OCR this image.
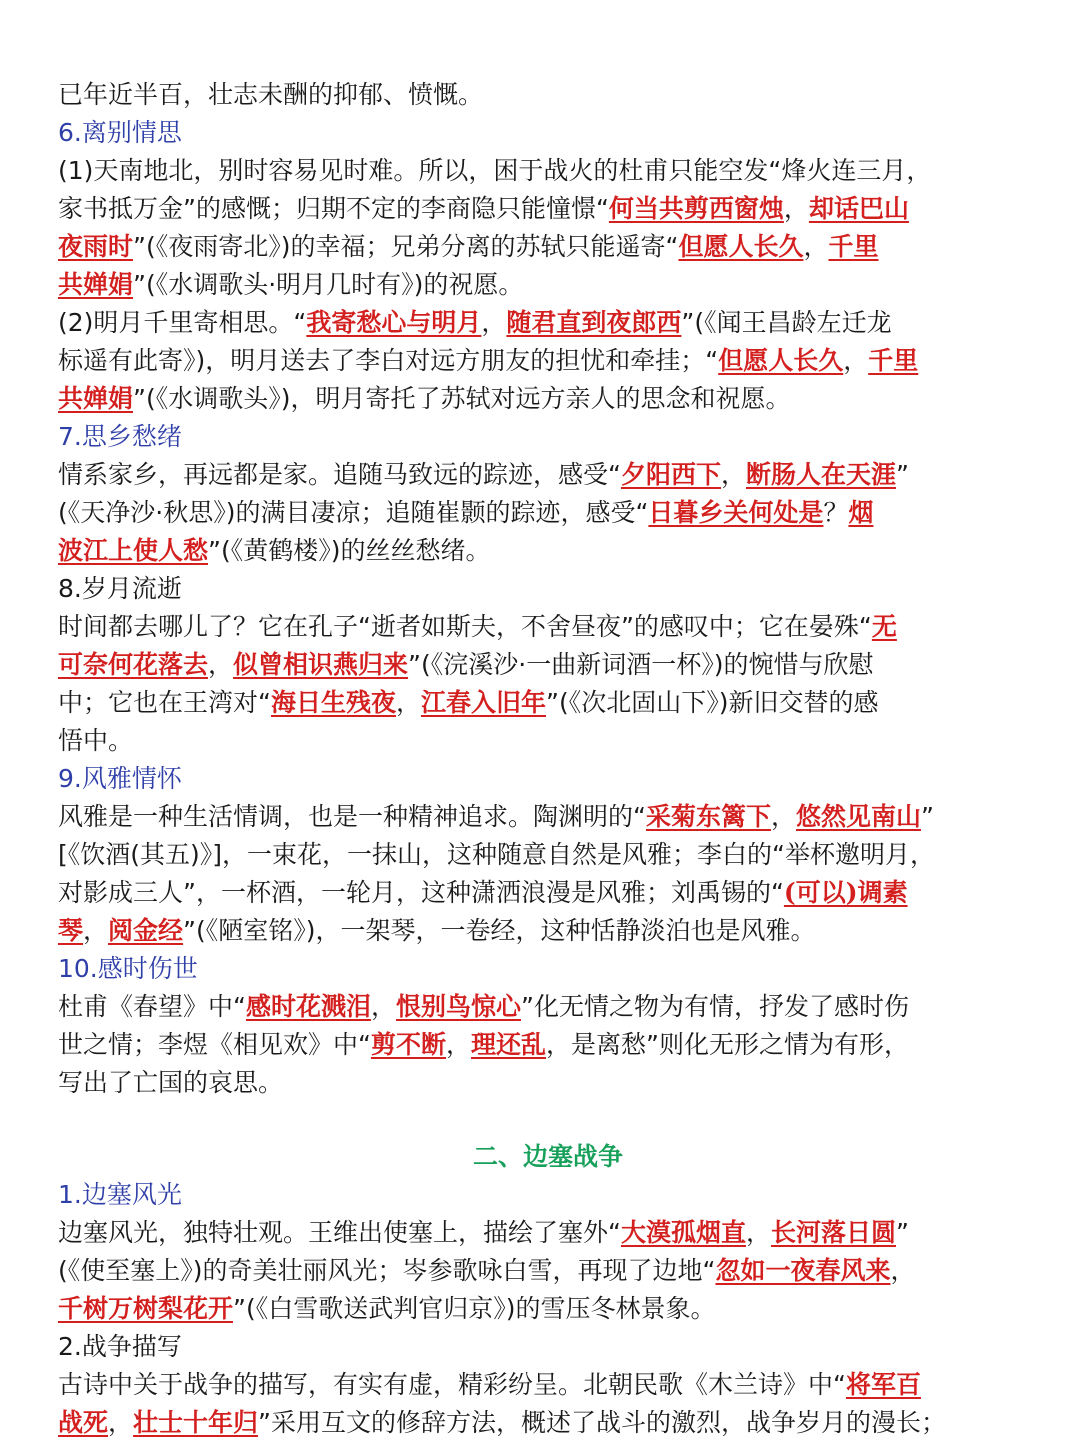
已年近半百，壮志未酬的抑郁、愤慨。
6.离别情思
(1)天南地北，别时容易见时难。所以，困于战火的杜甫只能空发“烽火连三月，
家书抵万金”的感慨；归期不定的李商隐只能憧憬“何当共剪西窗烛，却话巴山
夜雨时”(《夜雨寄北》)的幸福；兄弟分离的苏轼只能遥寄“但愿人长久，千里
共婵娟”(《水调歌头·明月几时有》)的祝愿。
(2)明月千里寄相思。“我寄愁心与明月，随君直到夜郎西”(《闻王昌龄左迁龙
标遥有此寄》)，明月送去了李白对远方朋友的担忧和牵挂；“但愿人长久，千里
共婵娟”(《水调歌头》)，明月寄托了苏轼对远方亲人的思念和祝愿。
7.思乡愁绪
情系家乡，再远都是家。追随马致远的踪迹，感受“夕阳西下，断肠人在天涯”
(《天净沙·秋思》)的满目凄凉；追随崔颢的踪迹，感受“日暮乡关何处是？烟
波江上使人愁”(《黄鹤楼》)的丝丝愁绪。
8.岁月流逝
时间都去哪儿了？它在孔子“逝者如斯夫，不舍昼夜”的感叹中；它在晏殊“无
可奈何花落去，似曾相识燕归来”(《浣溪沙·一曲新词酒一杯》)的惋惜与欣慰
中；它也在王湾对“海日生残夜，江春入旧年”(《次北固山下》)新旧交替的感
悟中。
9.风雅情怀
风雅是一种生活情调，也是一种精神追求。陶渊明的“采菊东篱下，悠然见南山”
[《饮酒(其五)》]，一束花，一抹山，这种随意自然是风雅；李白的“举杯邀明月，
对影成三人”，一杯酒，一轮月，这种潇洒浪漫是风雅；刘禹锡的“(可以)调素
琴，阅金经”(《陋室铭》)，一架琴，一卷经，这种恬静淡泊也是风雅。
10.感时伤世
杜甫《春望》中“感时花溅泪，恨别鸟惊心”化无情之物为有情，抒发了感时伤
世之情；李煜《相见欢》中“剪不断，理还乱，是离愁”则化无形之情为有形，
写出了亡国的哀思。
二、边塞战争
1.边塞风光
边塞风光，独特壮观。王维出使塞上，描绘了塞外“大漠孤烟直，长河落日圆”
(《使至塞上》)的奇美壮丽风光；岑参歌咏白雪，再现了边地“忽如一夜春风来，
千树万树梨花开”(《白雪歌送武判官归京》)的雪压冬林景象。
2.战争描写
古诗中关于战争的描写，有实有虚，精彩纷呈。北朝民歌《木兰诗》中“将军百
战死，壮士十年归”采用互文的修辞方法，概述了战斗的激烈，战争岁月的漫长；
